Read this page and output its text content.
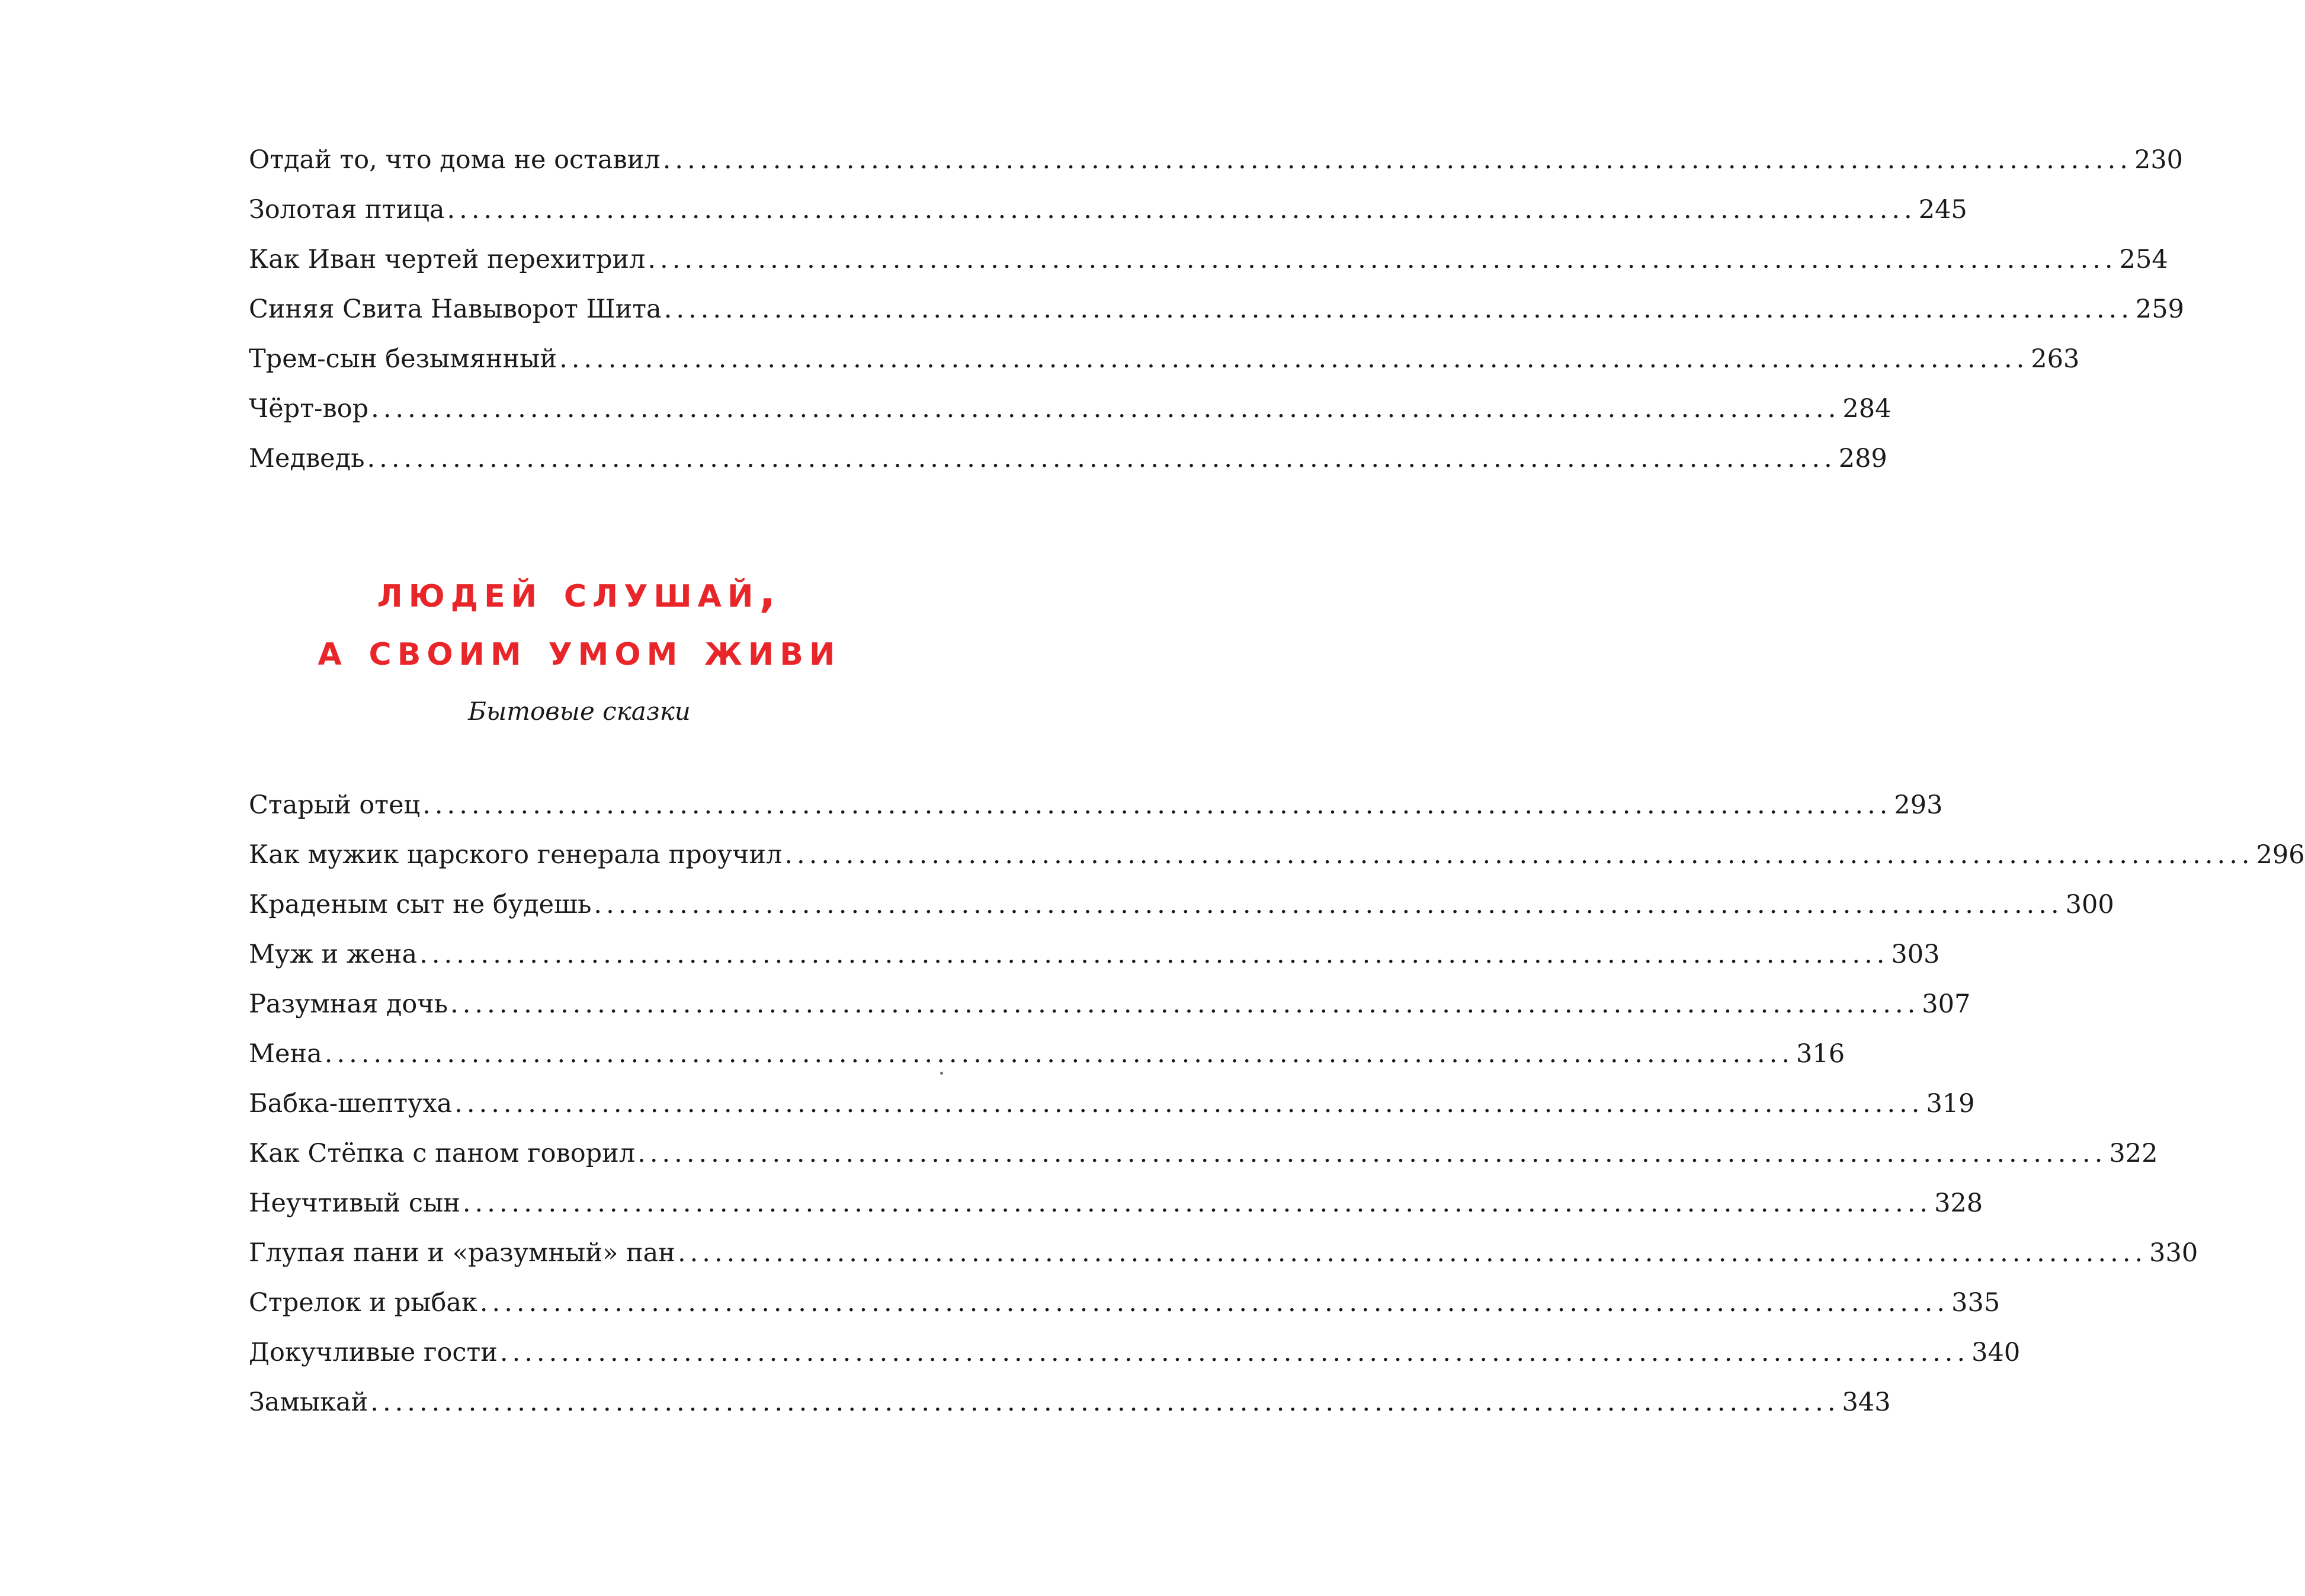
Отдай то, что дома не оставил ........................................................................................................................ 230
Золотая птица ........................................................................................................................ 245
Как Иван чертей перехитрил ........................................................................................................................ 254
Синяя Свита Навыворот Шита ........................................................................................................................ 259
Трем-сын безымянный ........................................................................................................................ 263
Чёрт-вор ........................................................................................................................ 284
Медведь ........................................................................................................................ 289
людей слушай,
а своим умом живи
Бытовые сказки
Старый отец ........................................................................................................................ 293
Как мужик царского генерала проучил ........................................................................................................................ 296
Краденым сыт не будешь ........................................................................................................................ 300
Муж и жена ........................................................................................................................ 303
Разумная дочь ........................................................................................................................ 307
Мена ........................................................................................................................ 316
Бабка-шептуха ........................................................................................................................ 319
Как Стёпка с паном говорил ........................................................................................................................ 322
Неучтивый сын ........................................................................................................................ 328
Глупая пани и «разумный» пан ........................................................................................................................ 330
Стрелок и рыбак ........................................................................................................................ 335
Докучливые гости ........................................................................................................................ 340
Замыкай ........................................................................................................................ 343
